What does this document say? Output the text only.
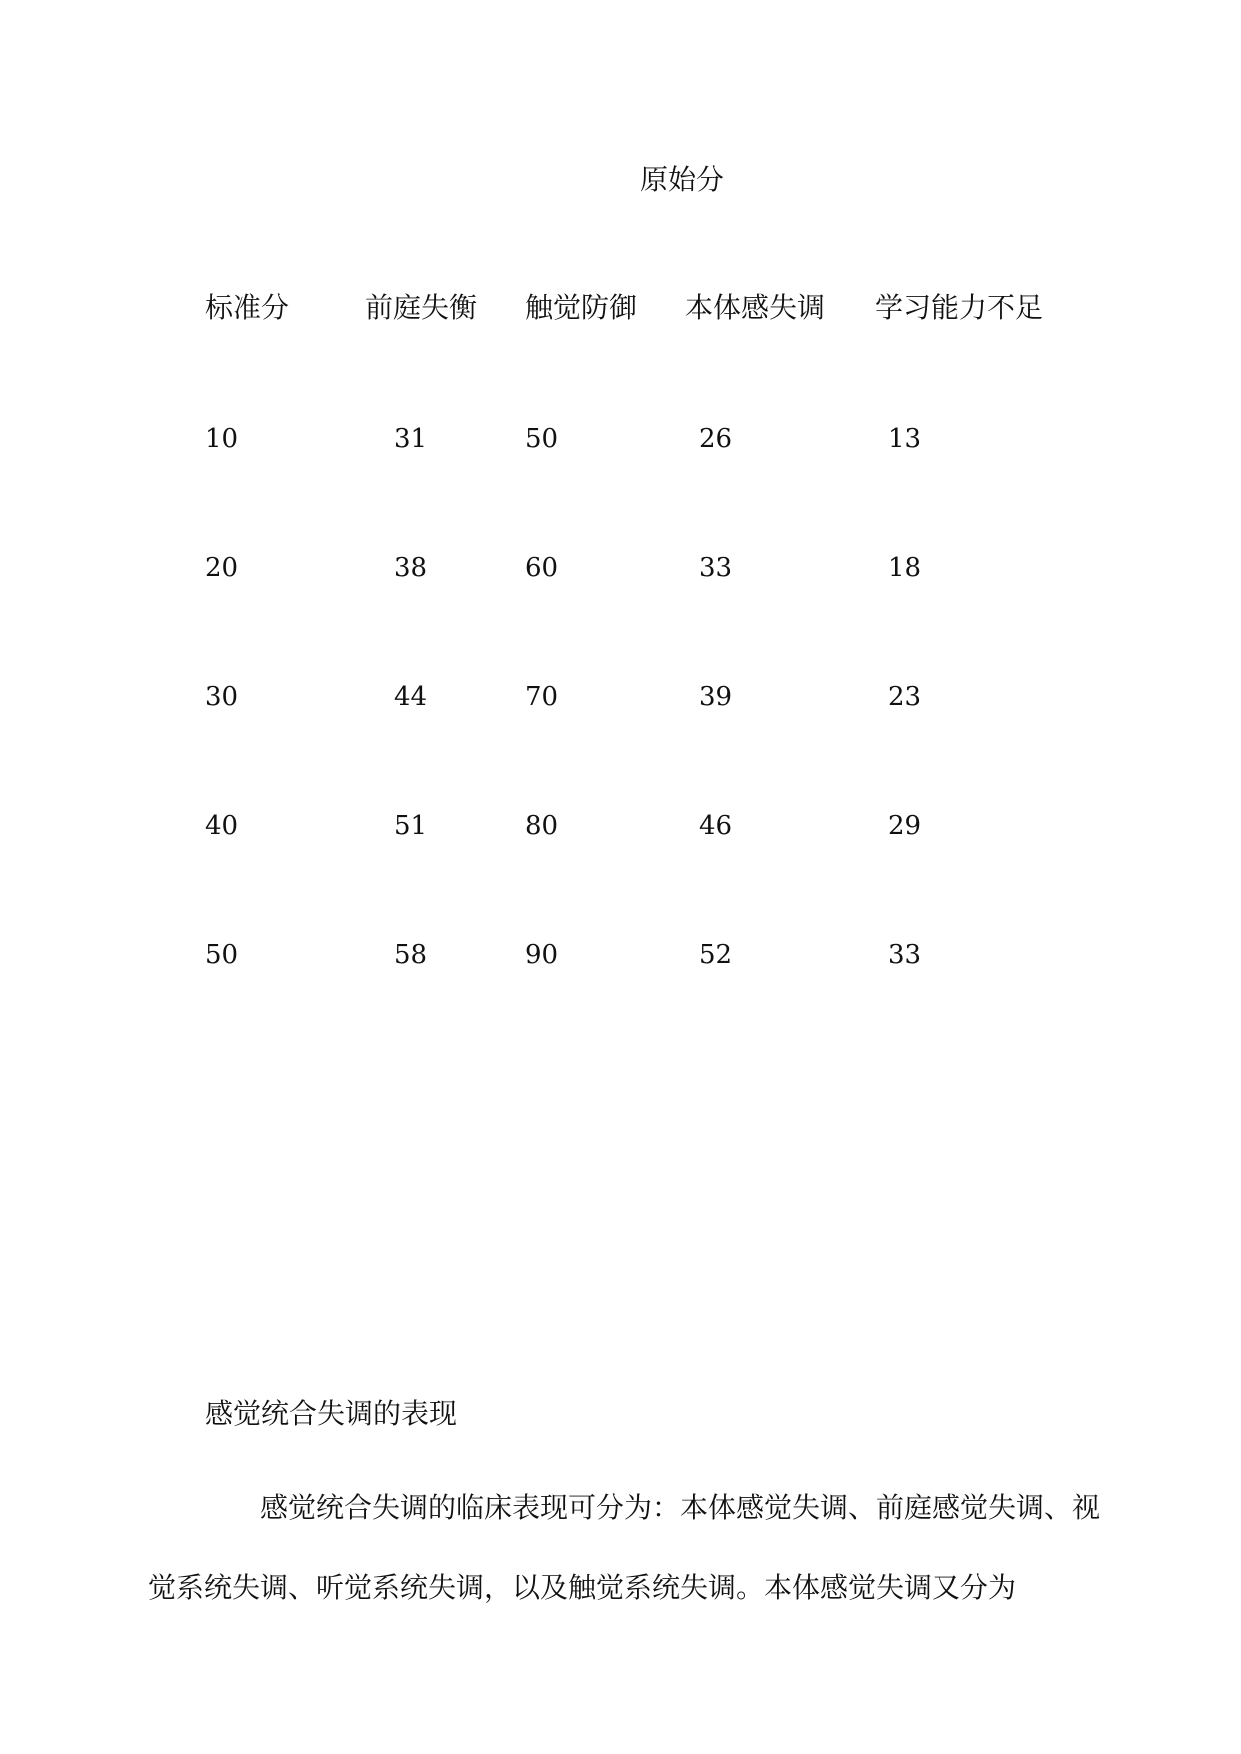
原始分
标准分	前庭失衡 触觉防御 本体感失调 学习能力不足
10	31	50	26	13
20	38	60	33	18
30	44	70	39	23
40	51	80	46	29
50	58	90	52	33
感觉统合失调的表现

感觉统合失调的临床表现可分为：本体感觉失调、前庭感觉失调、视觉系统失调、听觉系统失调，以及触觉系统失调。本体感觉失调又分为
